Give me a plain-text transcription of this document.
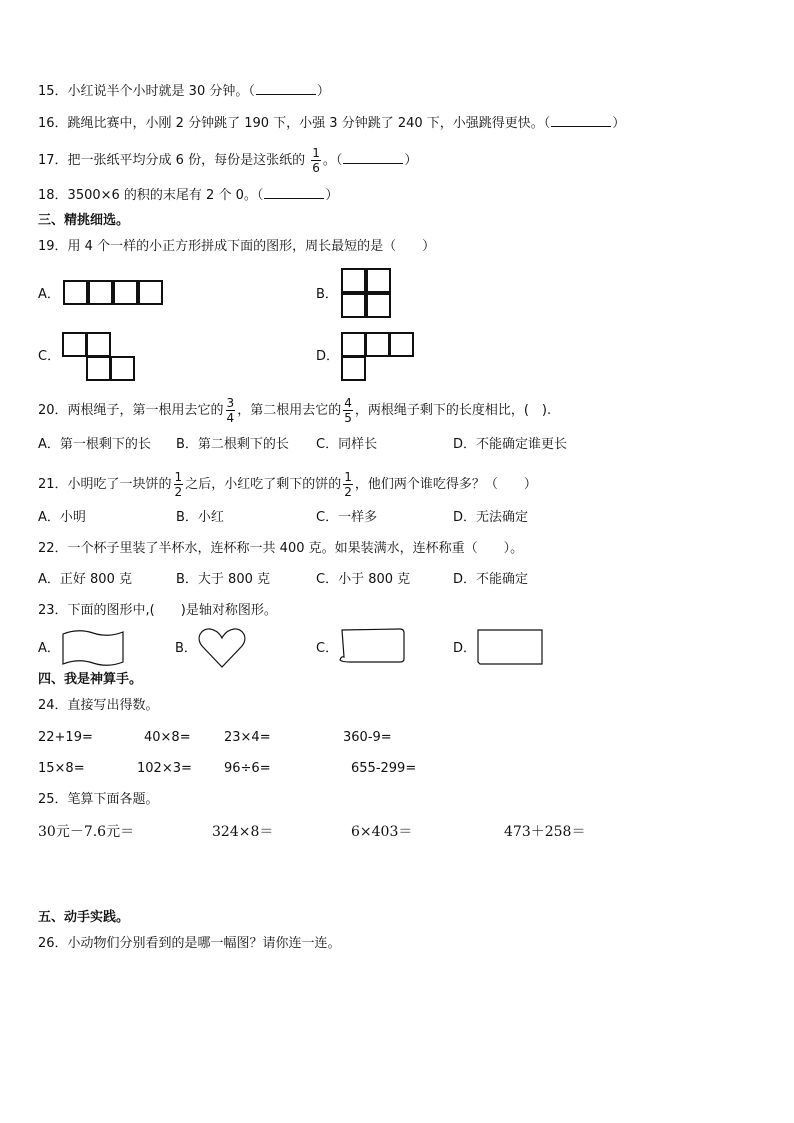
15．小红说半个小时就是 30 分钟。（	）
16．跳绳比赛中，小刚 2 分钟跳了 190 下，小强 3 分钟跳了 240 下，小强跳得更快。（	）
17．把一张纸平均分成 6 份，每份是这张纸的 $\frac{1}{6}$ 。（	）
18．3500×6 的积的末尾有 2 个 0。（	）
三、精挑细选。
19．用 4 个一样的小正方形拼成下面的图形，周长最短的是（　　）
A．	B．
C．	D．
20．两根绳子，第一根用去它的 $\frac{3}{4}$ ，第二根用去它的 $\frac{4}{5}$ ，两根绳子剩下的长度相比，(　).
A．第一根剩下的长 B．第二根剩下的长 C．同样长	D．不能确定谁更长
21．小明吃了一块饼的 $\frac{1}{2}$ 之后，小红吃了剩下的饼的 $\frac{1}{2}$ ，他们两个谁吃得多？（　　）
A．小明	B．小红	C．一样多	D．无法确定
22．一个杯子里装了半杯水，连杯称一共 400 克。如果装满水，连杯称重（　　）。
A．正好 800 克	B．大于 800 克	C．小于 800 克	D．不能确定
23．下面的图形中,(　　)是轴对称图形。
A．	B．	C．	D．
四、我是神算手。
24．直接写出得数。
22+19=	40×8=	23×4=	360-9=
15×8=	102×3= 96÷6=	655-299=
25．笔算下面各题。
30元－7.6元＝	324×8＝	6×403＝	473＋258＝
五、动手实践。
26．小动物们分别看到的是哪一幅图？请你连一连。
